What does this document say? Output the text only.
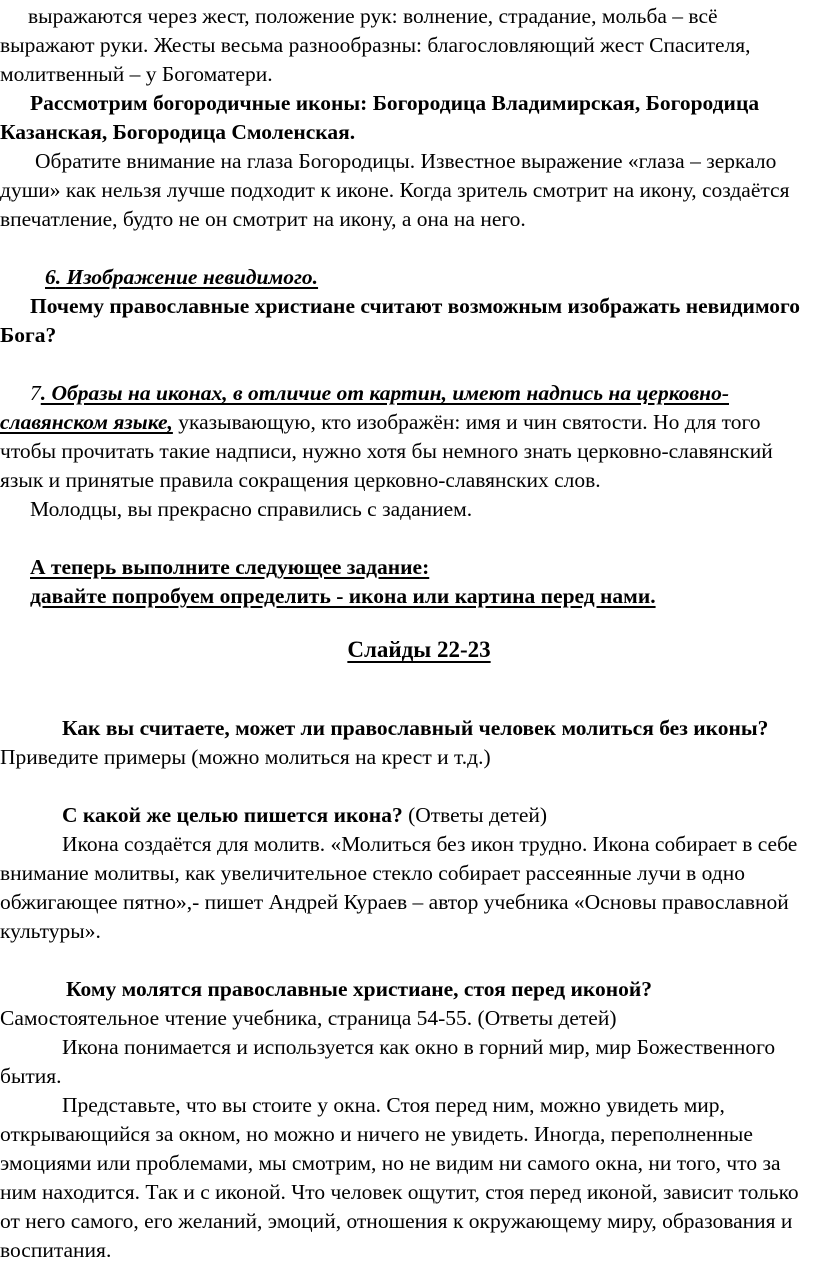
выражаются через жест, положение рук: волнение, страдание, мольба – всё выражают руки. Жесты весьма разнообразны: благословляющий жест Спасителя, молитвенный – у Богоматери.

Рассмотрим богородичные иконы: Богородица Владимирская, Богородица Казанская, Богородица Смоленская.

Обратите внимание на глаза Богородицы. Известное выражение «глаза – зеркало души» как нельзя лучше подходит к иконе. Когда зритель смотрит на икону, создаётся впечатление, будто не он смотрит на икону, а она на него.

6. Изображение невидимого.

Почему православные христиане считают возможным изображать невидимого Бога?

7. Образы на иконах, в отличие от картин, имеют надпись на церковно-славянском языке, указывающую, кто изображён: имя и чин святости. Но для того чтобы прочитать такие надписи, нужно хотя бы немного знать церковно-славянский язык и принятые правила сокращения церковно-славянских слов.

Молодцы, вы прекрасно справились с заданием.

А теперь выполните следующее задание:

давайте попробуем определить - икона или картина перед нами.

Слайды 22-23

Как вы считаете, может ли православный человек молиться без иконы? Приведите примеры (можно молиться на крест и т.д.)

С какой же целью пишется икона? (Ответы детей)

Икона создаётся для молитв. «Молиться без икон трудно. Икона собирает в себе внимание молитвы, как увеличительное стекло собирает рассеянные лучи в одно обжигающее пятно»,- пишет Андрей Кураев – автор учебника «Основы православной культуры».

Кому молятся православные христиане, стоя перед иконой?

Самостоятельное чтение учебника, страница 54-55. (Ответы детей)

Икона понимается и используется как окно в горний мир, мир Божественного бытия.

Представьте, что вы стоите у окна. Стоя перед ним, можно увидеть мир, открывающийся за окном, но можно и ничего не увидеть. Иногда, переполненные эмоциями или проблемами, мы смотрим, но не видим ни самого окна, ни того, что за ним находится. Так и с иконой. Что человек ощутит, стоя перед иконой, зависит только от него самого, его желаний, эмоций, отношения к окружающему миру, образования и воспитания.
